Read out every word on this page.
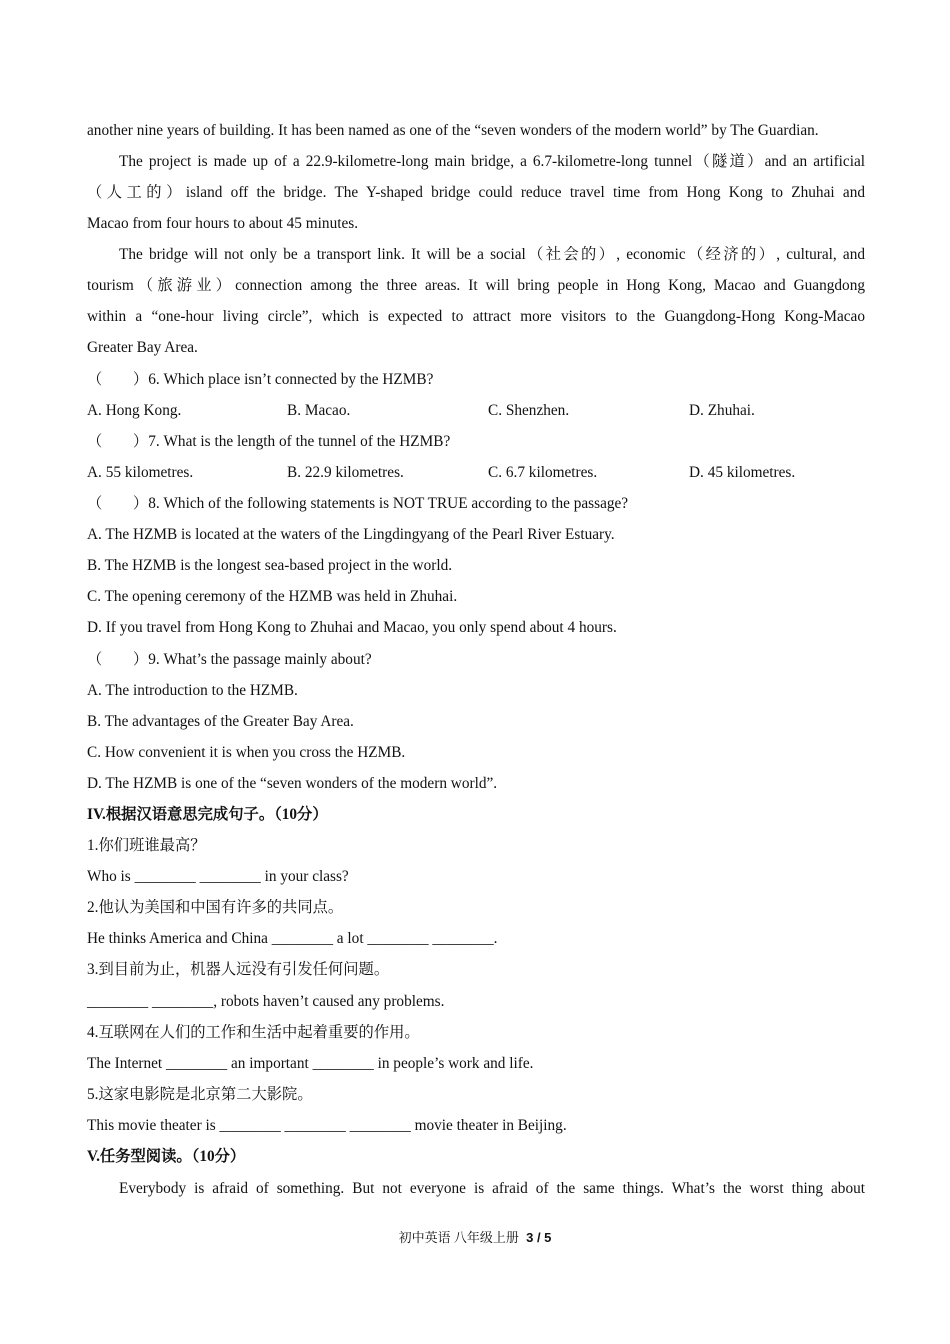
another nine years of building. It has been named as one of the “seven wonders of the modern world” by The Guardian.
The project is made up of a 22.9-kilometre-long main bridge, a 6.7-kilometre-long tunnel（隧道）and an artificial
（人工的）island off the bridge. The Y-shaped bridge could reduce travel time from Hong Kong to Zhuhai and
Macao from four hours to about 45 minutes.
The bridge will not only be a transport link. It will be a social（社会的）, economic（经济的）, cultural, and
tourism（旅游业）connection among the three areas. It will bring people in Hong Kong, Macao and Guangdong
within a “one-hour living circle”, which is expected to attract more visitors to the Guangdong-Hong Kong-Macao
Greater Bay Area.
（　　）6. Which place isn’t connected by the HZMB?
A. Hong Kong.	B. Macao.	C. Shenzhen.	D. Zhuhai.
（　　）7. What is the length of the tunnel of the HZMB?
A. 55 kilometres.	B. 22.9 kilometres.	C. 6.7 kilometres.	D. 45 kilometres.
（　　）8. Which of the following statements is NOT TRUE according to the passage?
A. The HZMB is located at the waters of the Lingdingyang of the Pearl River Estuary.
B. The HZMB is the longest sea-based project in the world.
C. The opening ceremony of the HZMB was held in Zhuhai.
D. If you travel from Hong Kong to Zhuhai and Macao, you only spend about 4 hours.
（　　）9. What’s the passage mainly about?
A. The introduction to the HZMB.
B. The advantages of the Greater Bay Area.
C. How convenient it is when you cross the HZMB.
D. The HZMB is one of the “seven wonders of the modern world”.
IV.根据汉语意思完成句子。（10分）
1.你们班谁最高？
Who is ________ ________ in your class?
2.他认为美国和中国有许多的共同点。
He thinks America and China ________ a lot ________ ________.
3.到目前为止，机器人远没有引发任何问题。
________ ________, robots haven’t caused any problems.
4.互联网在人们的工作和生活中起着重要的作用。
The Internet ________ an important ________ in people’s work and life.
5.这家电影院是北京第二大影院。
This movie theater is ________ ________ ________ movie theater in Beijing.
V.任务型阅读。（10分）
Everybody is afraid of something. But not everyone is afraid of the same things. What’s the worst thing about
初中英语 八年级上册 3 / 5
